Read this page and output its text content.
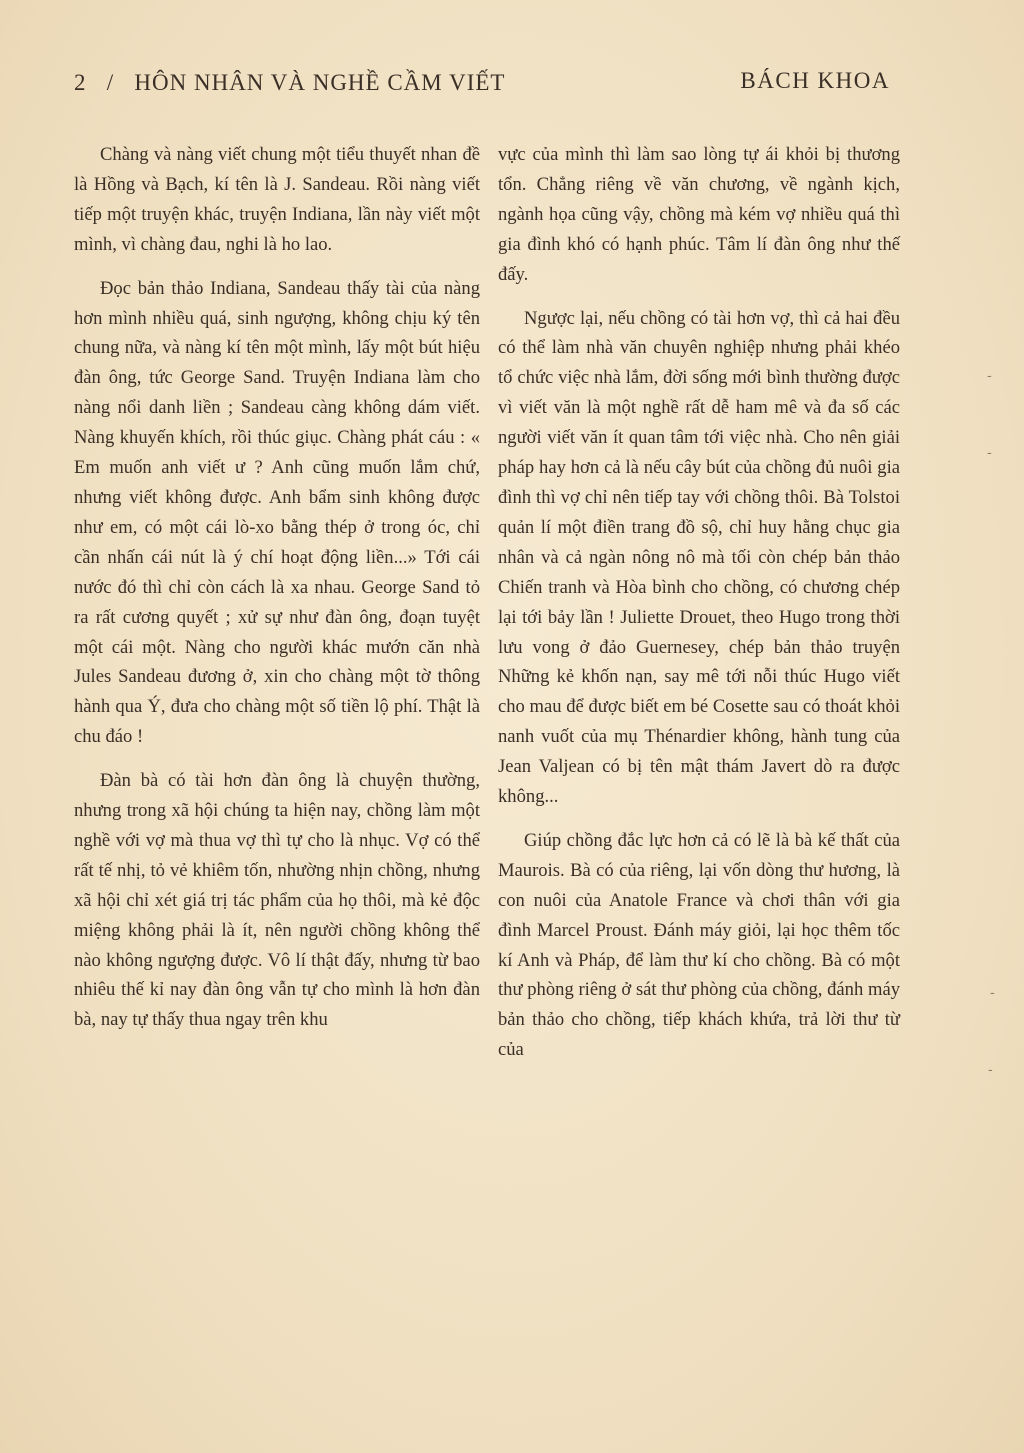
2 / HÔN NHÂN VÀ NGHỀ CẦM VIẾT	BÁCH KHOA

Chàng và nàng viết chung một tiểu thuyết nhan đề là Hồng và Bạch, kí tên là J. Sandeau. Rồi nàng viết tiếp một truyện khác, truyện Indiana, lần này viết một mình, vì chàng đau, nghi là ho lao.

Đọc bản thảo Indiana, Sandeau thấy tài của nàng hơn mình nhiều quá, sinh ngượng, không chịu ký tên chung nữa, và nàng kí tên một mình, lấy một bút hiệu đàn ông, tức George Sand. Truyện Indiana làm cho nàng nổi danh liền ; Sandeau càng không dám viết. Nàng khuyến khích, rồi thúc giục. Chàng phát cáu : « Em muốn anh viết ư ? Anh cũng muốn lắm chứ, nhưng viết không được. Anh bẩm sinh không được như em, có một cái lò-xo bằng thép ở trong óc, chỉ cần nhấn cái nút là ý chí hoạt động liền...» Tới cái nước đó thì chỉ còn cách là xa nhau. George Sand tỏ ra rất cương quyết ; xử sự như đàn ông, đoạn tuyệt một cái một. Nàng cho người khác mướn căn nhà Jules Sandeau đương ở, xin cho chàng một tờ thông hành qua Ý, đưa cho chàng một số tiền lộ phí. Thật là chu đáo !

Đàn bà có tài hơn đàn ông là chuyện thường, nhưng trong xã hội chúng ta hiện nay, chồng làm một nghề với vợ mà thua vợ thì tự cho là nhục. Vợ có thể rất tế nhị, tỏ vẻ khiêm tốn, nhường nhịn chồng, nhưng xã hội chỉ xét giá trị tác phẩm của họ thôi, mà kẻ độc miệng không phải là ít, nên người chồng không thể nào không ngượng được. Vô lí thật đấy, nhưng từ bao nhiêu thế kỉ nay đàn ông vẫn tự cho mình là hơn đàn bà, nay tự thấy thua ngay trên khu

vực của mình thì làm sao lòng tự ái khỏi bị thương tổn. Chẳng riêng về văn chương, về ngành kịch, ngành họa cũng vậy, chồng mà kém vợ nhiều quá thì gia đình khó có hạnh phúc. Tâm lí đàn ông như thế đấy.

Ngược lại, nếu chồng có tài hơn vợ, thì cả hai đều có thể làm nhà văn chuyên nghiệp nhưng phải khéo tổ chức việc nhà lắm, đời sống mới bình thường được vì viết văn là một nghề rất dễ ham mê và đa số các người viết văn ít quan tâm tới việc nhà. Cho nên giải pháp hay hơn cả là nếu cây bút của chồng đủ nuôi gia đình thì vợ chỉ nên tiếp tay với chồng thôi. Bà Tolstoi quản lí một điền trang đồ sộ, chỉ huy hằng chục gia nhân và cả ngàn nông nô mà tối còn chép bản thảo Chiến tranh và Hòa bình cho chồng, có chương chép lại tới bảy lần ! Juliette Drouet, theo Hugo trong thời lưu vong ở đảo Guernesey, chép bản thảo truyện Những kẻ khốn nạn, say mê tới nỗi thúc Hugo viết cho mau để được biết em bé Cosette sau có thoát khỏi nanh vuốt của mụ Thénardier không, hành tung của Jean Valjean có bị tên mật thám Javert dò ra được không...

Giúp chồng đắc lực hơn cả có lẽ là bà kế thất của Maurois. Bà có của riêng, lại vốn dòng thư hương, là con nuôi của Anatole France và chơi thân với gia đình Marcel Proust. Đánh máy giỏi, lại học thêm tốc kí Anh và Pháp, để làm thư kí cho chồng. Bà có một thư phòng riêng ở sát thư phòng của chồng, đánh máy bản thảo cho chồng, tiếp khách khứa, trả lời thư từ của

-
-
-
-
